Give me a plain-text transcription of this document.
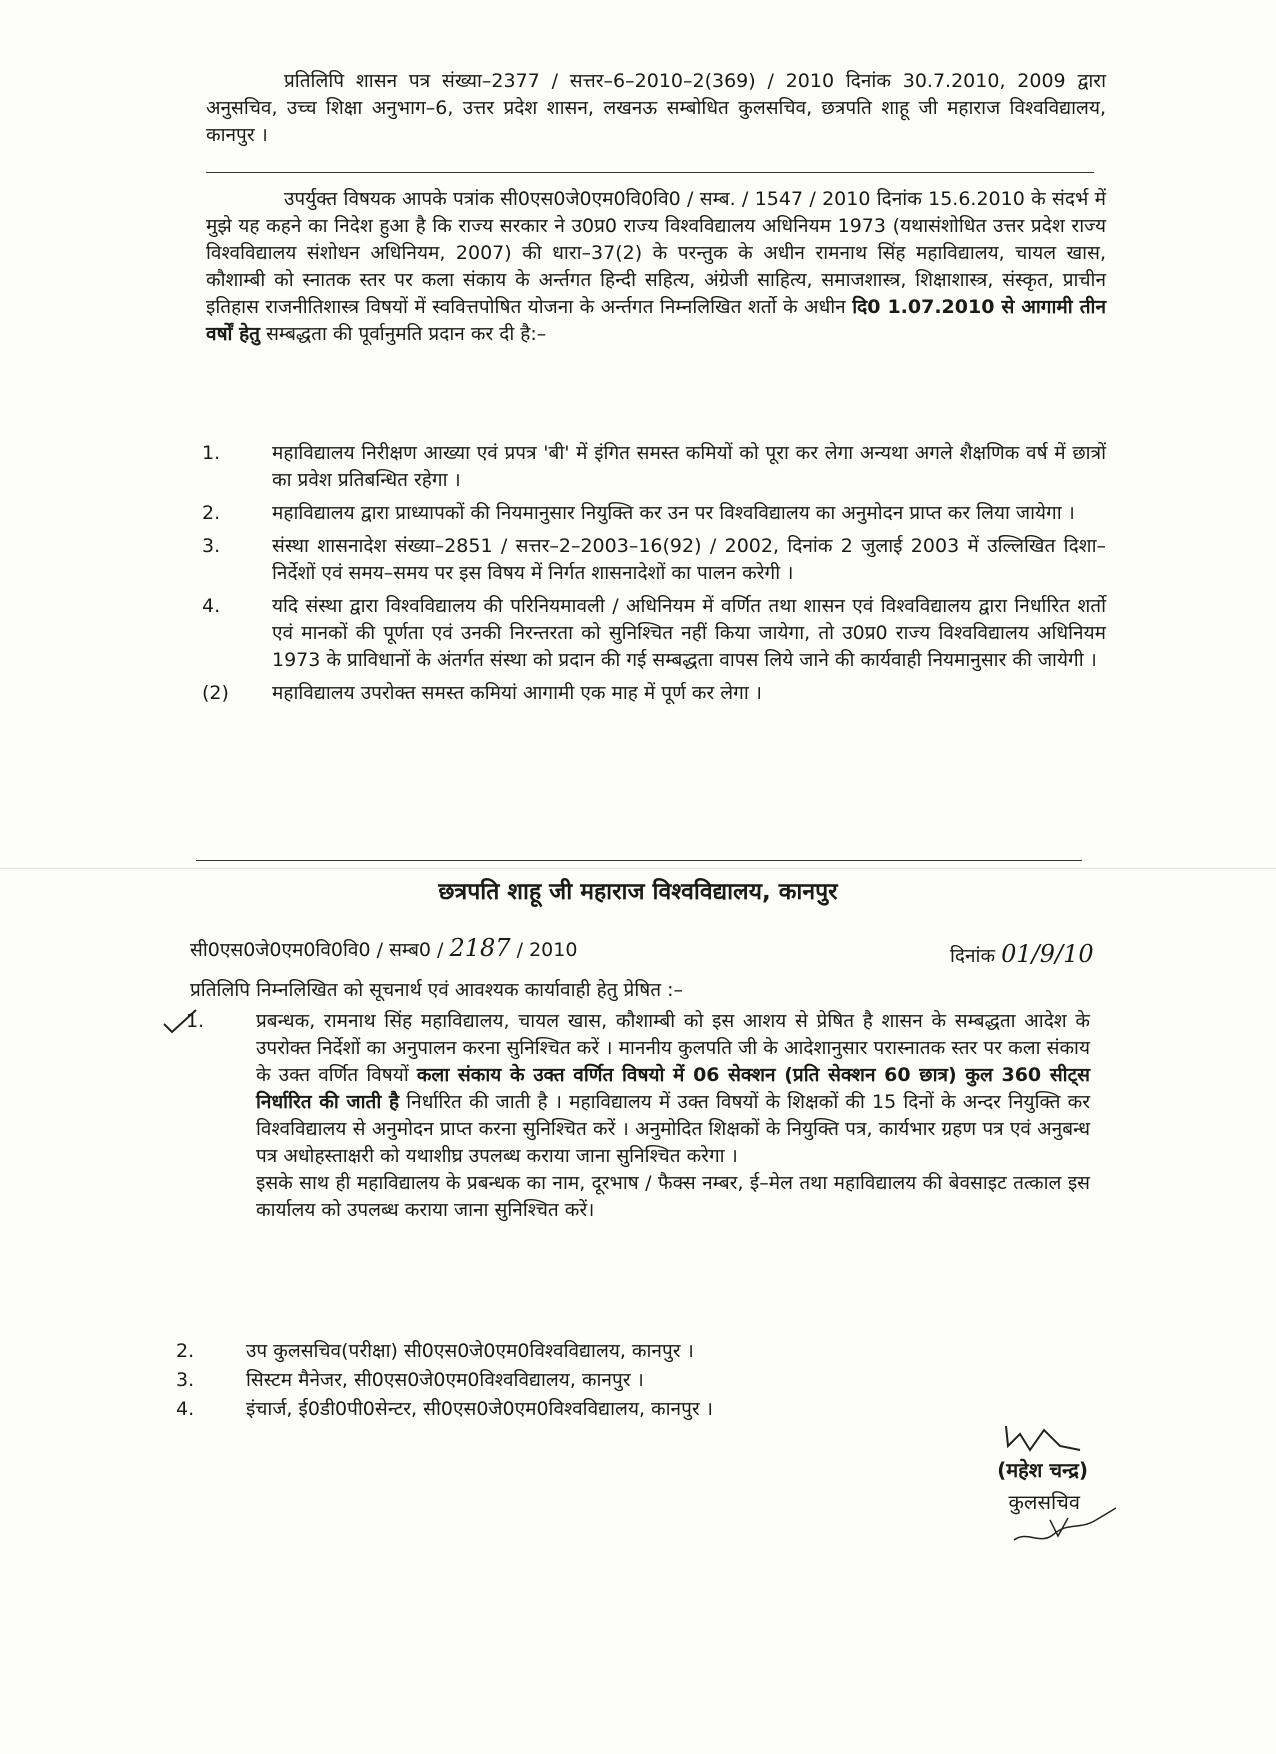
प्रतिलिपि शासन पत्र संख्या–2377 / सत्तर–6–2010–2(369) / 2010 दिनांक 30.7.2010, 2009 द्वारा अनुसचिव, उच्च शिक्षा अनुभाग–6, उत्तर प्रदेश शासन, लखनऊ सम्बोधित कुलसचिव, छत्रपति शाहू जी महाराज विश्वविद्यालय, कानपुर ।

उपर्युक्त विषयक आपके पत्रांक सी0एस0जे0एम0वि0वि0 / सम्ब. / 1547 / 2010 दिनांक 15.6.2010 के संदर्भ में मुझे यह कहने का निदेश हुआ है कि राज्य सरकार ने उ0प्र0 राज्य विश्वविद्यालय अधिनियम 1973 (यथासंशोधित उत्तर प्रदेश राज्य विश्वविद्यालय संशोधन अधिनियम, 2007) की धारा–37(2) के परन्तुक के अधीन रामनाथ सिंह महाविद्यालय, चायल खास, कौशाम्बी को स्नातक स्तर पर कला संकाय के अर्न्तगत हिन्दी सहित्य, अंग्रेजी साहित्य, समाजशास्त्र, शिक्षाशास्त्र, संस्कृत, प्राचीन इतिहास राजनीतिशास्त्र विषयों में स्ववित्तपोषित योजना के अर्न्तगत निम्नलिखित शर्तो के अधीन दि0 1.07.2010 से आगामी तीन वर्षों हेतु सम्बद्धता की पूर्वानुमति प्रदान कर दी है:–

1.	महाविद्यालय निरीक्षण आख्या एवं प्रपत्र 'बी' में इंगित समस्त कमियों को पूरा कर लेगा अन्यथा अगले शैक्षणिक वर्ष में छात्रों का प्रवेश प्रतिबन्धित रहेगा ।
2.	महाविद्यालय द्वारा प्राध्यापकों की नियमानुसार नियुक्ति कर उन पर विश्वविद्यालय का अनुमोदन प्राप्त कर लिया जायेगा ।
3.	संस्था शासनादेश संख्या–2851 / सत्तर–2–2003–16(92) / 2002, दिनांक 2 जुलाई 2003 में उल्लिखित दिशा–निर्देशों एवं समय–समय पर इस विषय में निर्गत शासनादेशों का पालन करेगी ।
4.	यदि संस्था द्वारा विश्वविद्यालय की परिनियमावली / अधिनियम में वर्णित तथा शासन एवं विश्वविद्यालय द्वारा निर्धारित शर्तो एवं मानकों की पूर्णता एवं उनकी निरन्तरता को सुनिश्चित नहीं किया जायेगा, तो उ0प्र0 राज्य विश्वविद्यालय अधिनियम 1973 के प्राविधानों के अंतर्गत संस्था को प्रदान की गई सम्बद्धता वापस लिये जाने की कार्यवाही नियमानुसार की जायेगी ।
(2) महाविद्यालय उपरोक्त समस्त कमियां आगामी एक माह में पूर्ण कर लेगा ।
छत्रपति शाहू जी महाराज विश्वविद्यालय, कानपुर
सी0एस0जे0एम0वि0वि0 / सम्ब0 / 2187 / 2010	दिनांक 01/9/10
प्रतिलिपि निम्नलिखित को सूचनार्थ एवं आवश्यक कार्यावाही हेतु प्रेषित :–
1.	प्रबन्धक, रामनाथ सिंह महाविद्यालय, चायल खास, कौशाम्बी को इस आशय से प्रेषित है शासन के सम्बद्धता आदेश के उपरोक्त निर्देशों का अनुपालन करना सुनिश्चित करें । माननीय कुलपति जी के आदेशानुसार परास्नातक स्तर पर कला संकाय के उक्त वर्णित विषयों कला संकाय के उक्त वर्णित विषयो में 06 सेक्शन (प्रति सेक्शन 60 छात्र) कुल 360 सीट्स निर्धारित की जाती है निर्धारित की जाती है । महाविद्यालय में उक्त विषयों के शिक्षकों की 15 दिनों के अन्दर नियुक्ति कर विश्वविद्यालय से अनुमोदन प्राप्त करना सुनिश्चित करें । अनुमोदित शिक्षकों के नियुक्ति पत्र, कार्यभार ग्रहण पत्र एवं अनुबन्ध पत्र अधोहस्ताक्षरी को यथाशीघ्र उपलब्ध कराया जाना सुनिश्चित करेगा ।

इसके साथ ही महाविद्यालय के प्रबन्धक का नाम, दूरभाष / फैक्स नम्बर, ई–मेल तथा महाविद्यालय की बेवसाइट तत्काल इस कार्यालय को उपलब्ध कराया जाना सुनिश्चित करें।

2.	उप कुलसचिव(परीक्षा) सी0एस0जे0एम0विश्वविद्यालय, कानपुर ।
3.	सिस्टम मैनेजर, सी0एस0जे0एम0विश्वविद्यालय, कानपुर ।
4.	इंचार्ज, ई0डी0पी0सेन्टर, सी0एस0जे0एम0विश्वविद्यालय, कानपुर ।
(महेश चन्द्र)
कुलसचिव
